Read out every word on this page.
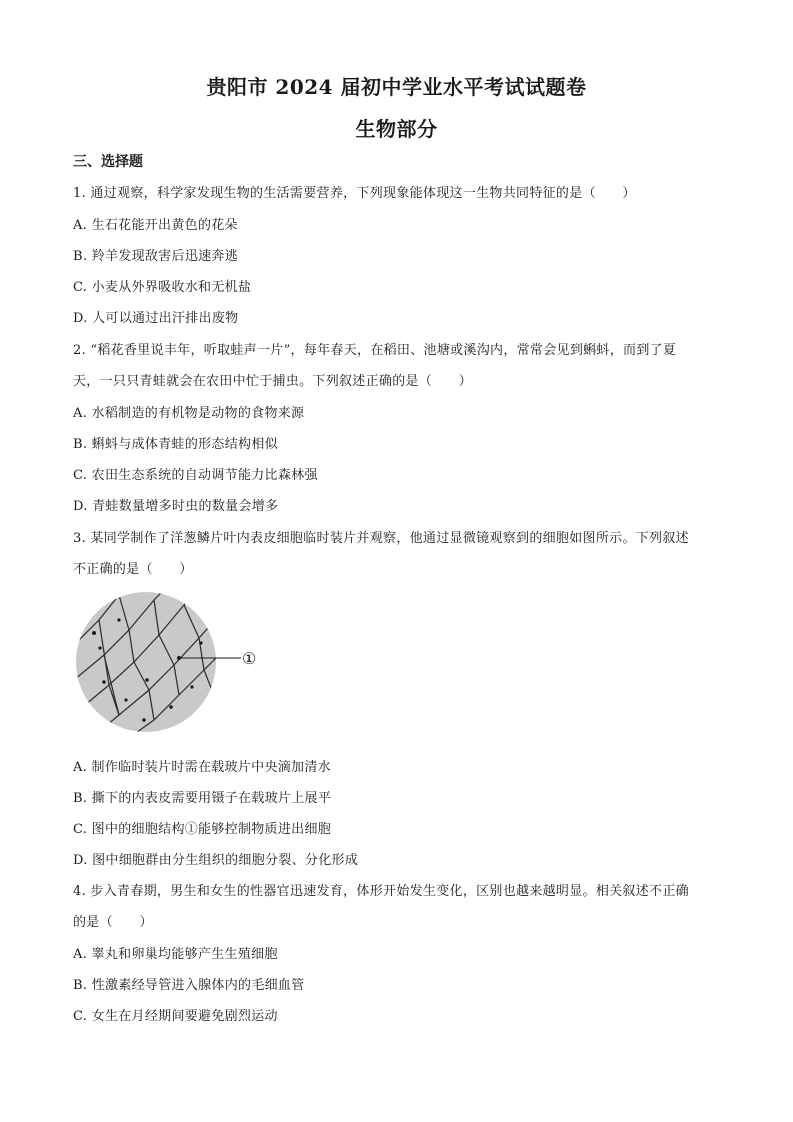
贵阳市 2024 届初中学业水平考试试题卷
生物部分
三、选择题
1. 通过观察，科学家发现生物的生活需要营养，下列现象能体现这一生物共同特征的是（　　）
A. 生石花能开出黄色的花朵
B. 羚羊发现敌害后迅速奔逃
C. 小麦从外界吸收水和无机盐
D. 人可以通过出汗排出废物
2. “稻花香里说丰年，听取蛙声一片”，每年春天，在稻田、池塘或溪沟内，常常会见到蝌蚪，而到了夏
天，一只只青蛙就会在农田中忙于捕虫。下列叙述正确的是（　　）
A. 水稻制造的有机物是动物的食物来源
B. 蝌蚪与成体青蛙的形态结构相似
C. 农田生态系统的自动调节能力比森林强
D. 青蛙数量增多时虫的数量会增多
3. 某同学制作了洋葱鳞片叶内表皮细胞临时装片并观察，他通过显微镜观察到的细胞如图所示。下列叙述
不正确的是（　　）
①
A. 制作临时装片时需在载玻片中央滴加清水
B. 撕下的内表皮需要用镊子在载玻片上展平
C. 图中的细胞结构①能够控制物质进出细胞
D. 图中细胞群由分生组织的细胞分裂、分化形成
4. 步入青春期，男生和女生的性器官迅速发育，体形开始发生变化，区别也越来越明显。相关叙述不正确
的是（　　）
A. 睾丸和卵巢均能够产生生殖细胞
B. 性激素经导管进入腺体内的毛细血管
C. 女生在月经期间要避免剧烈运动
